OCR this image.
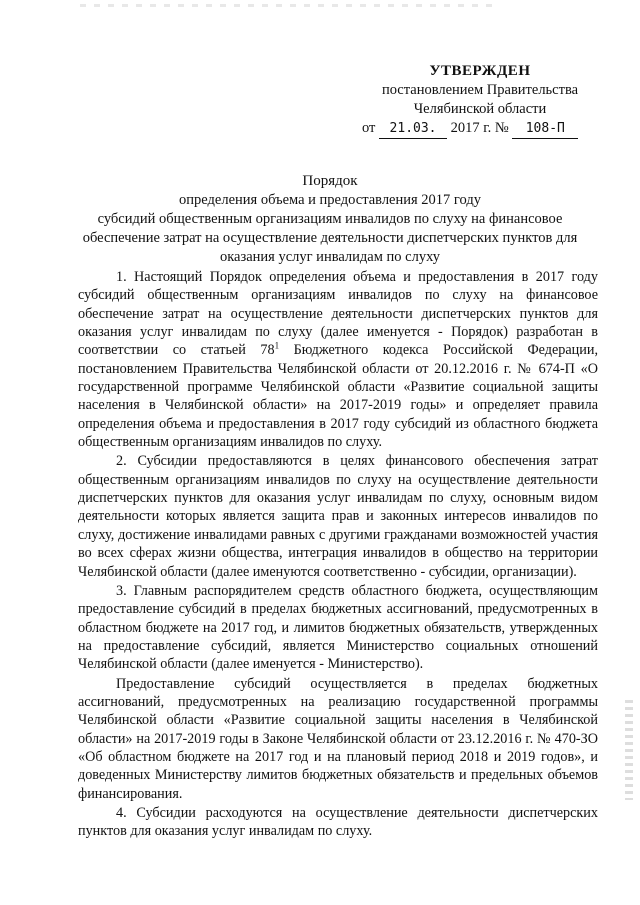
УТВЕРЖДЕН
постановлением Правительства
Челябинской области
от 21.03. 2017 г. № 108-П
Порядок
определения объема и предоставления 2017 году
субсидий общественным организациям инвалидов по слуху на финансовое
обеспечение затрат на осуществление деятельности диспетчерских пунктов для
оказания услуг инвалидам по слуху

1. Настоящий Порядок определения объема и предоставления в 2017 году субсидий общественным организациям инвалидов по слуху на финансовое обеспечение затрат на осуществление деятельности диспетчерских пунктов для оказания услуг инвалидам по слуху (далее именуется - Порядок) разработан в соответствии со статьей $78^1$ Бюджетного кодекса Российской Федерации, постановлением Правительства Челябинской области от 20.12.2016 г. № 674-П «О государственной программе Челябинской области «Развитие социальной защиты населения в Челябинской области» на 2017-2019 годы» и определяет правила определения объема и предоставления в 2017 году субсидий из областного бюджета общественным организациям инвалидов по слуху.

2. Субсидии предоставляются в целях финансового обеспечения затрат общественным организациям инвалидов по слуху на осуществление деятельности диспетчерских пунктов для оказания услуг инвалидам по слуху, основным видом деятельности которых является защита прав и законных интересов инвалидов по слуху, достижение инвалидами равных с другими гражданами возможностей участия во всех сферах жизни общества, интеграция инвалидов в общество на территории Челябинской области (далее именуются соответственно - субсидии, организации).

3. Главным распорядителем средств областного бюджета, осуществляющим предоставление субсидий в пределах бюджетных ассигнований, предусмотренных в областном бюджете на 2017 год, и лимитов бюджетных обязательств, утвержденных на предоставление субсидий, является Министерство социальных отношений Челябинской области (далее именуется - Министерство).

Предоставление субсидий осуществляется в пределах бюджетных ассигнований, предусмотренных на реализацию государственной программы Челябинской области «Развитие социальной защиты населения в Челябинской области» на 2017-2019 годы в Законе Челябинской области от 23.12.2016 г. № 470-ЗО «Об областном бюджете на 2017 год и на плановый период 2018 и 2019 годов», и доведенных Министерству лимитов бюджетных обязательств и предельных объемов финансирования.

4. Субсидии расходуются на осуществление деятельности диспетчерских пунктов для оказания услуг инвалидам по слуху.
